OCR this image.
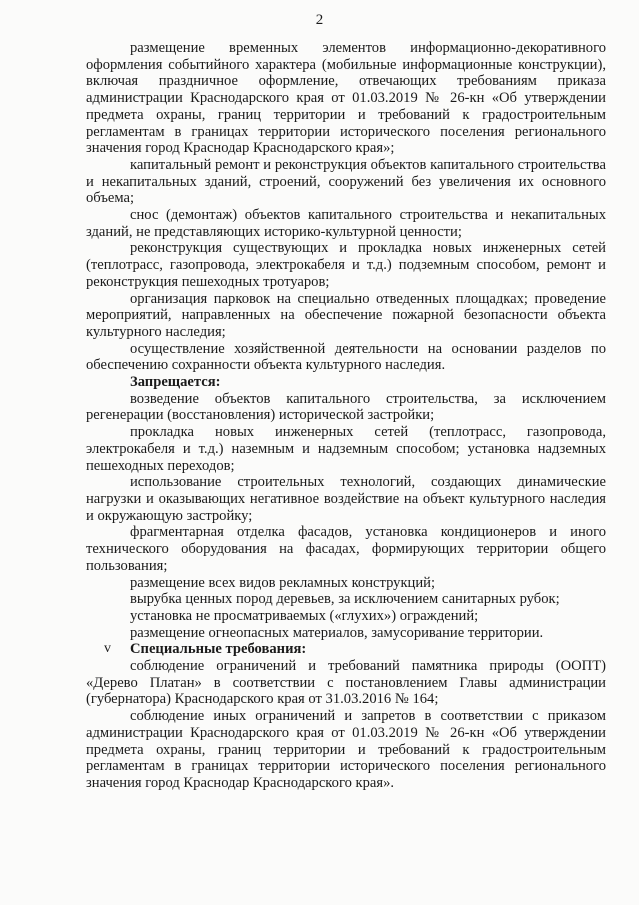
2

размещение временных элементов информационно-декоративного оформления событийного характера (мобильные информационные конструкции), включая праздничное оформление, отвечающих требованиям приказа администрации Краснодарского края от 01.03.2019 № 26-кн «Об утверждении предмета охраны, границ территории и требований к градостроительным регламентам в границах территории исторического поселения регионального значения город Краснодар Краснодарского края»;

капитальный ремонт и реконструкция объектов капитального строительства и некапитальных зданий, строений, сооружений без увеличения их основного объема;

снос (демонтаж) объектов капитального строительства и некапитальных зданий, не представляющих историко-культурной ценности;

реконструкция существующих и прокладка новых инженерных сетей (теплотрасс, газопровода, электрокабеля и т.д.) подземным способом, ремонт и реконструкция пешеходных тротуаров;

организация парковок на специально отведенных площадках; проведение мероприятий, направленных на обеспечение пожарной безопасности объекта культурного наследия;

осуществление хозяйственной деятельности на основании разделов по обеспечению сохранности объекта культурного наследия.

Запрещается:

возведение объектов капитального строительства, за исключением регенерации (восстановления) исторической застройки;

прокладка новых инженерных сетей (теплотрасс, газопровода, электрокабеля и т.д.) наземным и надземным способом; установка надземных пешеходных переходов;

использование строительных технологий, создающих динамические нагрузки и оказывающих негативное воздействие на объект культурного наследия и окружающую застройку;

фрагментарная отделка фасадов, установка кондиционеров и иного технического оборудования на фасадах, формирующих территории общего пользования;

размещение всех видов рекламных конструкций;

вырубка ценных пород деревьев, за исключением санитарных рубок;

установка не просматриваемых («глухих») ограждений;

размещение огнеопасных материалов, замусоривание территории.

v Специальные требования:

соблюдение ограничений и требований памятника природы (ООПТ) «Дерево Платан» в соответствии с постановлением Главы администрации (губернатора) Краснодарского края от 31.03.2016 № 164;

соблюдение иных ограничений и запретов в соответствии с приказом администрации Краснодарского края от 01.03.2019 № 26-кн «Об утверждении предмета охраны, границ территории и требований к градостроительным регламентам в границах территории исторического поселения регионального значения город Краснодар Краснодарского края».
